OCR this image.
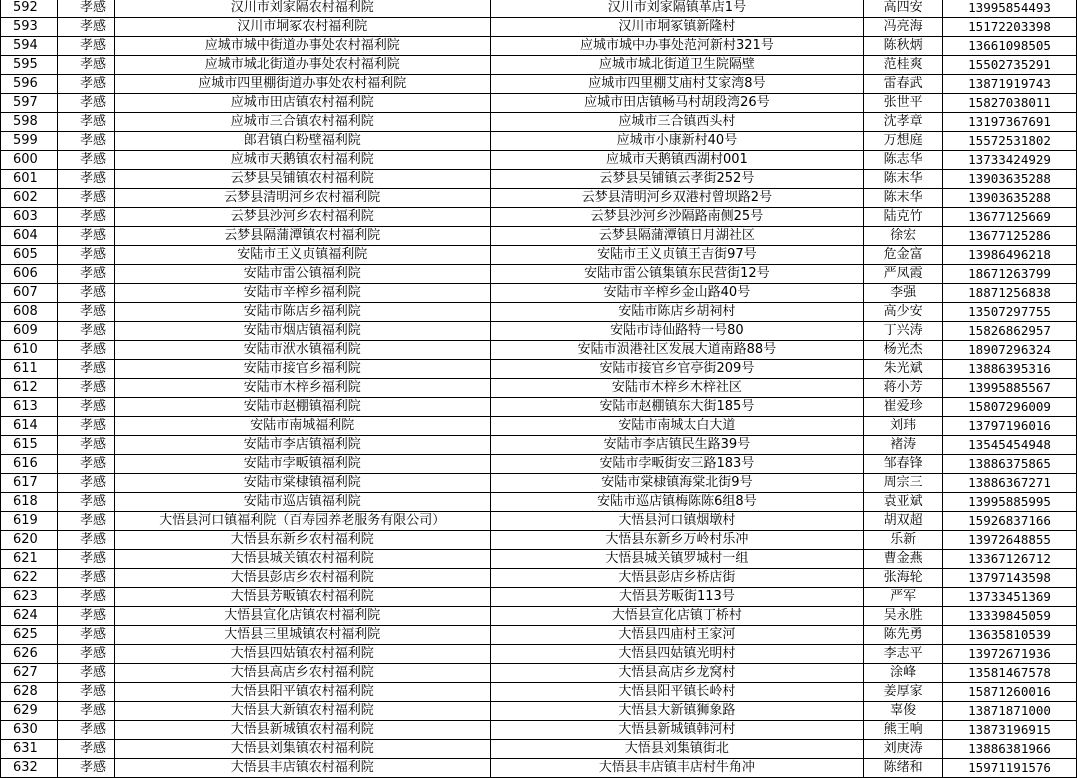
592	孝感	汉川市刘家隔农村福利院	汉川市刘家隔镇革店1号	高四安	13995854493
593	孝感	汉川市垌冢农村福利院	汉川市垌冢镇新隆村	冯亮海	15172203398
594	孝感	应城市城中街道办事处农村福利院	应城市城中办事处范河新村321号	陈秋炳	13661098505
595	孝感	应城市城北街道办事处农村福利院	应城市城北街道卫生院隔壁	范桂爽	15502735291
596	孝感	应城市四里棚街道办事处农村福利院	应城市四里棚艾庙村艾家湾8号	雷春武	13871919743
597	孝感	应城市田店镇农村福利院	应城市田店镇畅马村胡段湾26号	张世平	15827038011
598	孝感	应城市三合镇农村福利院	应城市三合镇西头村	沈孝章	13197367691
599	孝感	郎君镇白粉壁福利院	应城市小康新村40号	万想庭	15572531802
600	孝感	应城市天鹅镇农村福利院	应城市天鹅镇西湖村001	陈志华	13733424929
601	孝感	云梦县吴铺镇农村福利院	云梦县吴铺镇云孝街252号	陈末华	13903635288
602	孝感	云梦县清明河乡农村福利院	云梦县清明河乡双港村曾坝路2号	陈末华	13903635288
603	孝感	云梦县沙河乡农村福利院	云梦县沙河乡沙隔路南侧25号	陆克竹	13677125669
604	孝感	云梦县隔蒲潭镇农村福利院	云梦县隔蒲潭镇日月湖社区	徐宏	13677125286
605	孝感	安陆市王义贞镇福利院	安陆市王义贞镇王吉街97号	危金富	13986496218
606	孝感	安陆市雷公镇福利院	安陆市雷公镇集镇东民营街12号	严凤霞	18671263799
607	孝感	安陆市辛榨乡福利院	安陆市辛榨乡金山路40号	李强	18871256838
608	孝感	安陆市陈店乡福利院	安陆市陈店乡胡祠村	高少安	13507297755
609	孝感	安陆市烟店镇福利院	安陆市诗仙路特一号80	丁兴涛	15826862957
610	孝感	安陆市洑水镇福利院	安陆市涢港社区发展大道南路88号	杨光杰	18907296324
611	孝感	安陆市接官乡福利院	安陆市接官乡官亭街209号	朱光斌	13886395316
612	孝感	安陆市木梓乡福利院	安陆市木梓乡木梓社区	蒋小芳	13995885567
613	孝感	安陆市赵棚镇福利院	安陆市赵棚镇东大街185号	崔爱珍	15807296009
614	孝感	安陆市南城福利院	安陆市南城太白大道	刘玮	13797196016
615	孝感	安陆市李店镇福利院	安陆市李店镇民生路39号	褚涛	13545454948
616	孝感	安陆市孛畈镇福利院	安陆市孛畈街安三路183号	邹春锋	13886375865
617	孝感	安陆市棠棣镇福利院	安陆市棠棣镇海棠北街9号	周宗三	13886367271
618	孝感	安陆市巡店镇福利院	安陆市巡店镇梅陈陈6组8号	袁亚斌	13995885995
619	孝感	大悟县河口镇福利院（百寿园养老服务有限公司）	大悟县河口镇烟墩村	胡双超	15926837166
620	孝感	大悟县东新乡农村福利院	大悟县东新乡万岭村乐冲	乐新	13972648855
621	孝感	大悟县城关镇农村福利院	大悟县城关镇罗城村一组	曹金燕	13367126712
622	孝感	大悟县彭店乡农村福利院	大悟县彭店乡桥店街	张海轮	13797143598
623	孝感	大悟县芳畈镇农村福利院	大悟县芳畈街113号	严军	13733451369
624	孝感	大悟县宣化店镇农村福利院	大悟县宣化店镇丁桥村	吴永胜	13339845059
625	孝感	大悟县三里城镇农村福利院	大悟县四庙村王家河	陈先勇	13635810539
626	孝感	大悟县四姑镇农村福利院	大悟县四姑镇光明村	李志平	13972671936
627	孝感	大悟县高店乡农村福利院	大悟县高店乡龙窝村	涂峰	13581467578
628	孝感	大悟县阳平镇农村福利院	大悟县阳平镇长岭村	姜厚家	15871260016
629	孝感	大悟县大新镇农村福利院	大悟县大新镇狮象路	辜俊	13871871000
630	孝感	大悟县新城镇农村福利院	大悟县新城镇韩河村	熊王响	13873196915
631	孝感	大悟县刘集镇农村福利院	大悟县刘集镇街北	刘庚涛	13886381966
632	孝感	大悟县丰店镇农村福利院	大悟县丰店镇丰店村牛角冲	陈绪和	15971191576
